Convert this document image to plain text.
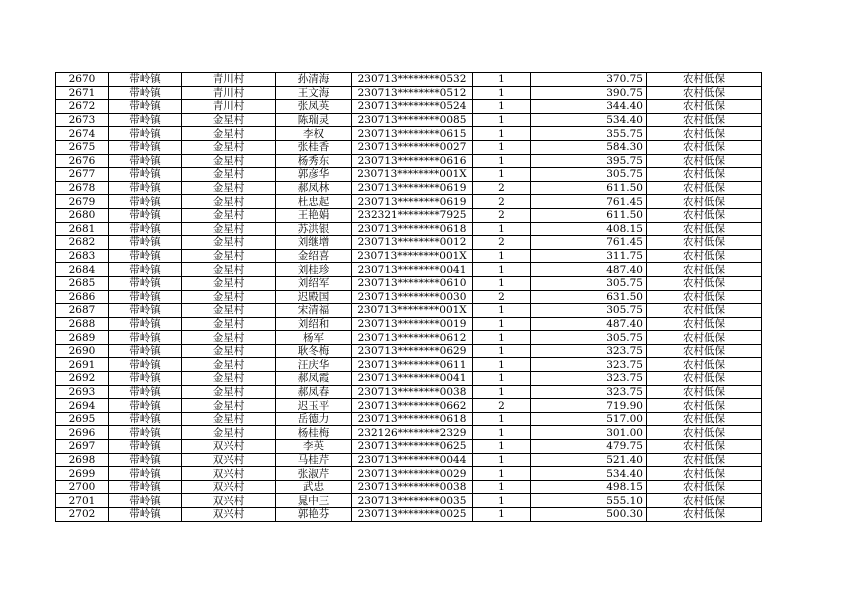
2670	带岭镇	青川村	孙清海	230713********0532	1	370.75	农村低保
2671	带岭镇	青川村	王文海	230713********0512	1	390.75	农村低保
2672	带岭镇	青川村	张凤英	230713********0524	1	344.40	农村低保
2673	带岭镇	金星村	陈瑞灵	230713********0085	1	534.40	农村低保
2674	带岭镇	金星村	李权	230713********0615	1	355.75	农村低保
2675	带岭镇	金星村	张桂香	230713********0027	1	584.30	农村低保
2676	带岭镇	金星村	杨秀东	230713********0616	1	395.75	农村低保
2677	带岭镇	金星村	郭彦华	230713********001X	1	305.75	农村低保
2678	带岭镇	金星村	郝凤林	230713********0619	2	611.50	农村低保
2679	带岭镇	金星村	杜忠起	230713********0619	2	761.45	农村低保
2680	带岭镇	金星村	王艳娟	232321********7925	2	611.50	农村低保
2681	带岭镇	金星村	苏洪银	230713********0618	1	408.15	农村低保
2682	带岭镇	金星村	刘继增	230713********0012	2	761.45	农村低保
2683	带岭镇	金星村	金绍喜	230713********001X	1	311.75	农村低保
2684	带岭镇	金星村	刘桂珍	230713********0041	1	487.40	农村低保
2685	带岭镇	金星村	刘绍军	230713********0610	1	305.75	农村低保
2686	带岭镇	金星村	迟殿国	230713********0030	2	631.50	农村低保
2687	带岭镇	金星村	宋清福	230713********001X	1	305.75	农村低保
2688	带岭镇	金星村	刘绍和	230713********0019	1	487.40	农村低保
2689	带岭镇	金星村	杨军	230713********0612	1	305.75	农村低保
2690	带岭镇	金星村	耿冬梅	230713********0629	1	323.75	农村低保
2691	带岭镇	金星村	汪庆华	230713********0611	1	323.75	农村低保
2692	带岭镇	金星村	郝凤霞	230713********0041	1	323.75	农村低保
2693	带岭镇	金星村	郝凤春	230713********0038	1	323.75	农村低保
2694	带岭镇	金星村	迟玉平	230713********0662	2	719.90	农村低保
2695	带岭镇	金星村	岳德力	230713********0618	1	517.00	农村低保
2696	带岭镇	金星村	杨桂梅	232126********2329	1	301.00	农村低保
2697	带岭镇	双兴村	李英	230713********0625	1	479.75	农村低保
2698	带岭镇	双兴村	马桂芹	230713********0044	1	521.40	农村低保
2699	带岭镇	双兴村	张淑芹	230713********0029	1	534.40	农村低保
2700	带岭镇	双兴村	武忠	230713********0038	1	498.15	农村低保
2701	带岭镇	双兴村	晁中三	230713********0035	1	555.10	农村低保
2702	带岭镇	双兴村	郭艳芬	230713********0025	1	500.30	农村低保
